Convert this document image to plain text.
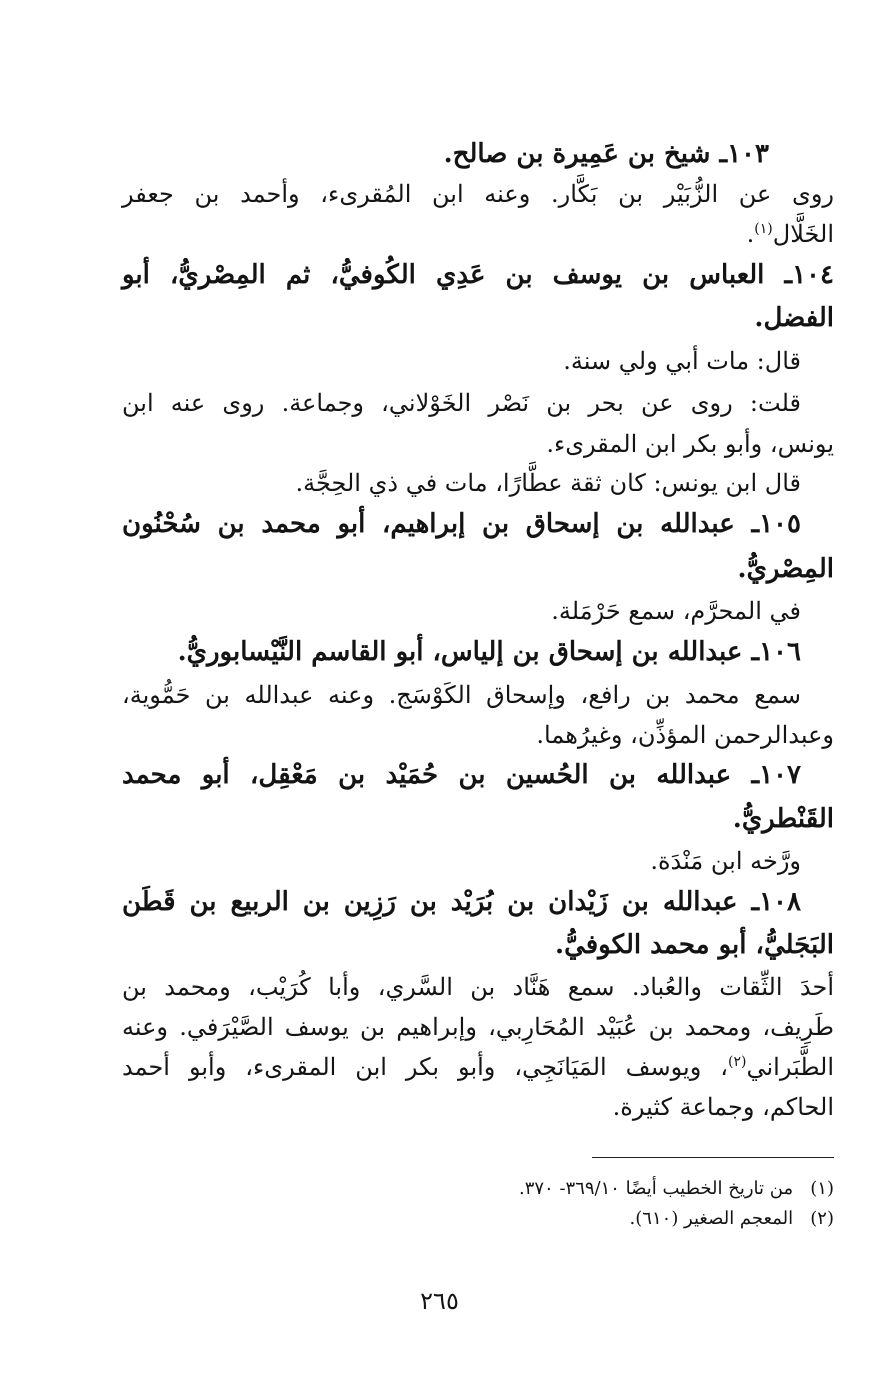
١٠٣ـ شيخ بن عَمِيرة بن صالح.
روى عن الزُّبَيْر بن بَكَّار. وعنه ابن المُقرىء، وأحمد بن جعفر
الخَلَّال$^{(١)}$.
١٠٤ـ العباس بن يوسف بن عَدِي الكُوفيُّ، ثم المِصْريُّ، أبو
الفضل.
قال: مات أبي ولي سنة.
قلت: روى عن بحر بن نَصْر الخَوْلاني، وجماعة. روى عنه ابن
يونس، وأبو بكر ابن المقرىء.
قال ابن يونس: كان ثقة عطَّارًا، مات في ذي الحِجَّة.
١٠٥ـ عبدالله بن إسحاق بن إبراهيم، أبو محمد بن سُحْنُون
المِصْريُّ.
في المحرَّم، سمع حَرْمَلة.
١٠٦ـ عبدالله بن إسحاق بن إلياس، أبو القاسم النَّيْسابوريُّ.
سمع محمد بن رافع، وإسحاق الكَوْسَج. وعنه عبدالله بن حَمُّوية،
وعبدالرحمن المؤذِّن، وغيرُهما.
١٠٧ـ عبدالله بن الحُسين بن حُمَيْد بن مَعْقِل، أبو محمد
القَنْطريُّ.
ورَّخه ابن مَنْدَة.
١٠٨ـ عبدالله بن زَيْدان بن بُرَيْد بن رَزِين بن الربيع بن قَطَن
البَجَليُّ، أبو محمد الكوفيُّ.
أحدَ الثِّقات والعُباد. سمع هَنَّاد بن السَّري، وأبا كُرَيْب، ومحمد بن
طَرِيف، ومحمد بن عُبَيْد المُحَارِبي، وإبراهيم بن يوسف الصَّيْرَفي. وعنه
الطَّبَراني$^{(٢)}$، ويوسف المَيَانَجِي، وأبو بكر ابن المقرىء، وأبو أحمد
الحاكم، وجماعة كثيرة.
(١)   من تاريخ الخطيب أيضًا ٣٦٩/١٠- ٣٧٠.
(٢)   المعجم الصغير (٦١٠).
٢٦٥
